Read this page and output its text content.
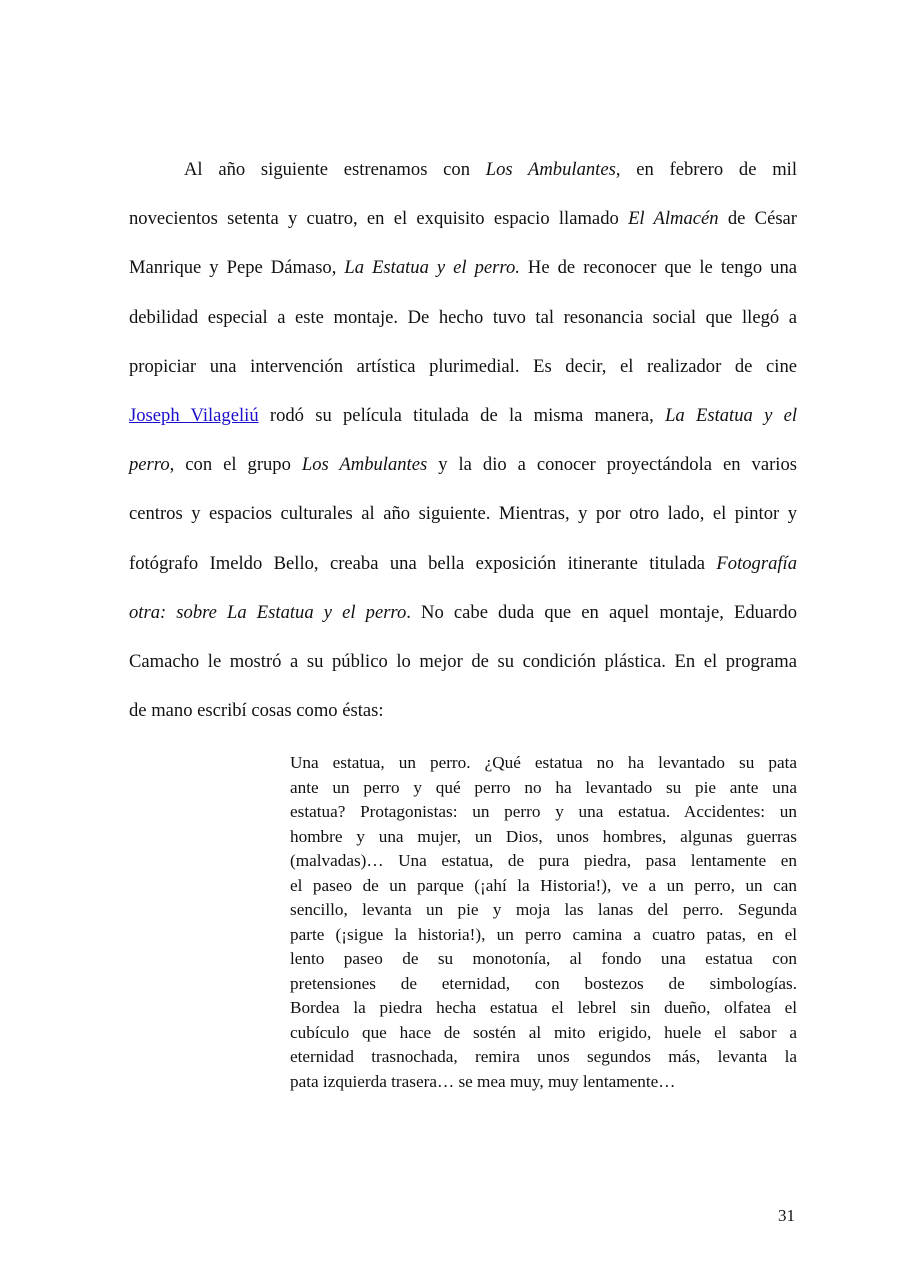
Al año siguiente estrenamos con Los Ambulantes, en febrero de mil
novecientos setenta y cuatro, en el exquisito espacio llamado El Almacén de César
Manrique y Pepe Dámaso, La Estatua y el perro. He de reconocer que le tengo una
debilidad especial a este montaje. De hecho tuvo tal resonancia social que llegó a
propiciar una intervención artística plurimedial. Es decir, el realizador de cine
Joseph Vilageliú rodó su película titulada de la misma manera, La Estatua y el
perro, con el grupo Los Ambulantes y la dio a conocer proyectándola en varios
centros y espacios culturales al año siguiente. Mientras, y por otro lado, el pintor y
fotógrafo Imeldo Bello, creaba una bella exposición itinerante titulada Fotografía
otra: sobre La Estatua y el perro. No cabe duda que en aquel montaje, Eduardo
Camacho le mostró a su público lo mejor de su condición plástica. En el programa
de mano escribí cosas como éstas:
Una estatua, un perro. ¿Qué estatua no ha levantado su pata
ante un perro y qué perro no ha levantado su pie ante una
estatua? Protagonistas: un perro y una estatua. Accidentes: un
hombre y una mujer, un Dios, unos hombres, algunas guerras
(malvadas)… Una estatua, de pura piedra, pasa lentamente en
el paseo de un parque (¡ahí la Historia!), ve a un perro, un can
sencillo, levanta un pie y moja las lanas del perro. Segunda
parte (¡sigue la historia!), un perro camina a cuatro patas, en el
lento paseo de su monotonía, al fondo una estatua con
pretensiones de eternidad, con bostezos de simbologías.
Bordea la piedra hecha estatua el lebrel sin dueño, olfatea el
cubículo que hace de sostén al mito erigido, huele el sabor a
eternidad trasnochada, remira unos segundos más, levanta la
pata izquierda trasera… se mea muy, muy lentamente…
31
